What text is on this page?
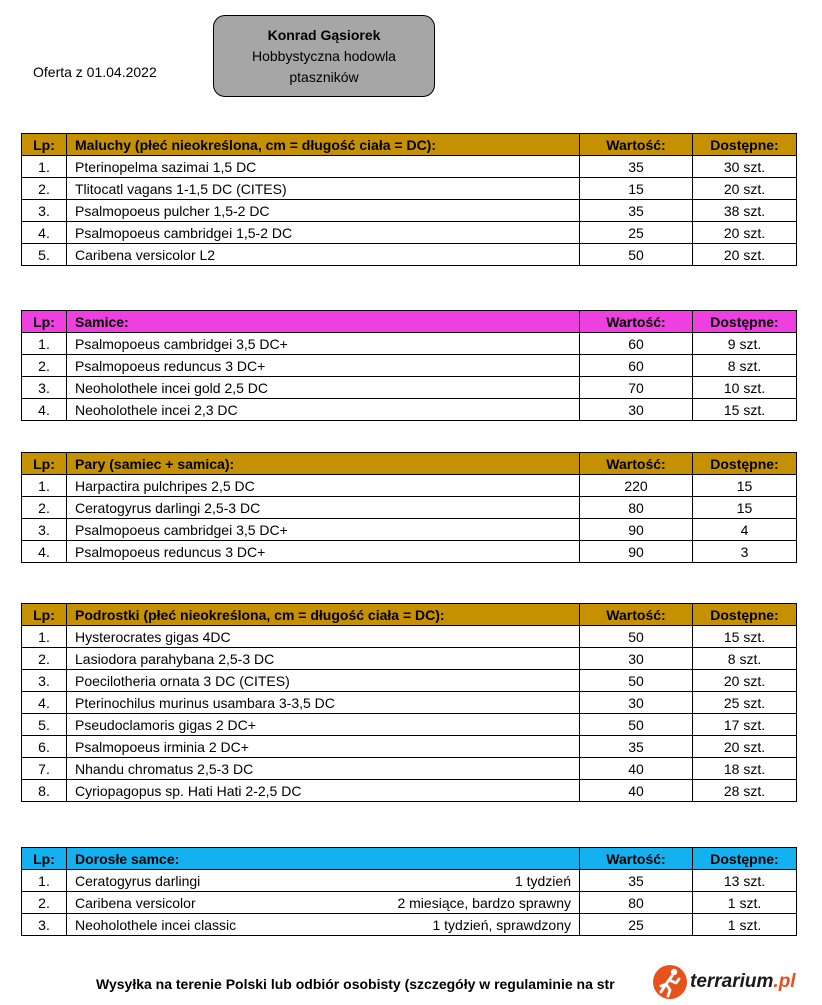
Oferta z 01.04.2022
Konrad Gąsiorek
Hobbystyczna hodowla
ptaszników
Lp:	Maluchy (płeć nieokreślona, cm = długość ciała = DC):	Wartość:	Dostępne:
1.	Pterinopelma sazimai 1,5 DC	35	30 szt.
2.	Tlitocatl vagans 1-1,5 DC (CITES)	15	20 szt.
3.	Psalmopoeus pulcher 1,5-2 DC	35	38 szt.
4.	Psalmopoeus cambridgei 1,5-2 DC	25	20 szt.
5.	Caribena versicolor L2	50	20 szt.
Lp:	Samice:	Wartość:	Dostępne:
1.	Psalmopoeus cambridgei 3,5 DC+	60	9 szt.
2.	Psalmopoeus reduncus 3 DC+	60	8 szt.
3.	Neoholothele incei gold 2,5 DC	70	10 szt.
4.	Neoholothele incei 2,3 DC	30	15 szt.
Lp:	Pary (samiec + samica):	Wartość:	Dostępne:
1.	Harpactira pulchripes 2,5 DC	220	15
2.	Ceratogyrus darlingi 2,5-3 DC	80	15
3.	Psalmopoeus cambridgei 3,5 DC+	90	4
4.	Psalmopoeus reduncus 3 DC+	90	3
Lp:	Podrostki (płeć nieokreślona, cm = długość ciała = DC):	Wartość:	Dostępne:
1.	Hysterocrates gigas 4DC	50	15 szt.
2.	Lasiodora parahybana 2,5-3 DC	30	8 szt.
3.	Poecilotheria ornata 3 DC (CITES)	50	20 szt.
4.	Pterinochilus murinus usambara 3-3,5 DC	30	25 szt.
5.	Pseudoclamoris gigas 2 DC+	50	17 szt.
6.	Psalmopoeus irminia 2 DC+	35	20 szt.
7.	Nhandu chromatus 2,5-3 DC	40	18 szt.
8.	Cyriopagopus sp. Hati Hati 2-2,5 DC	40	28 szt.
Lp:	Dorosłe samce:	Wartość:	Dostępne:
1.	Ceratogyrus darlingi 1 tydzień	35	13 szt.
2.	Caribena versicolor 2 miesiące, bardzo sprawny	80	1 szt.
3.	Neoholothele incei classic 1 tydzień, sprawdzony	25	1 szt.
Wysyłka na terenie Polski lub odbiór osobisty (szczegóły w regulaminie na str	terrarium.pl
